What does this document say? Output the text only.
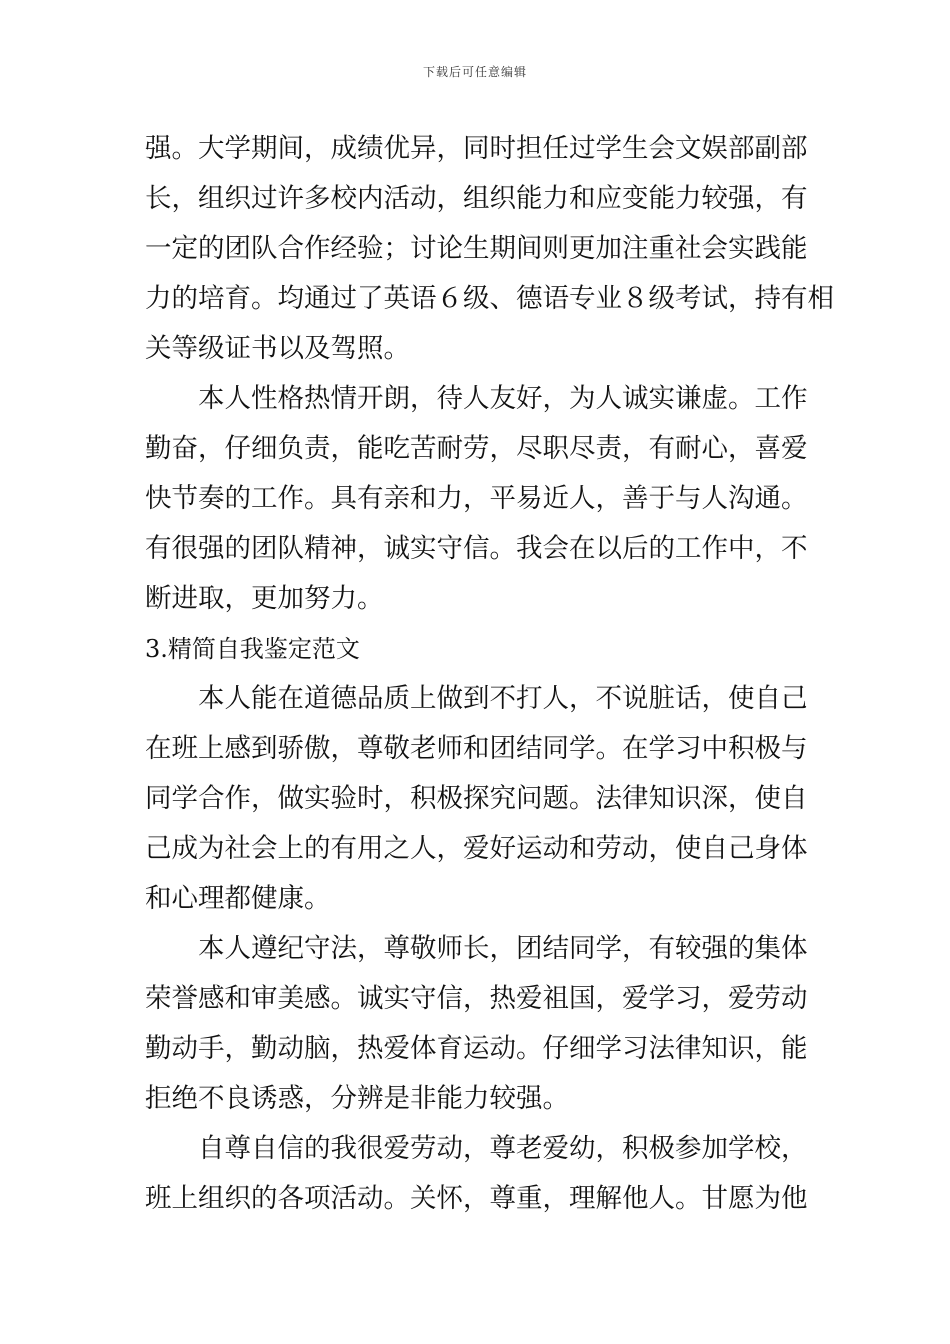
下载后可任意编辑
强。大学期间，成绩优异，同时担任过学生会文娱部副部
长，组织过许多校内活动，组织能力和应变能力较强，有
一定的团队合作经验；讨论生期间则更加注重社会实践能
力的培育。均通过了英语６级、德语专业８级考试，持有相
关等级证书以及驾照。
本人性格热情开朗，待人友好，为人诚实谦虚。工作
勤奋，仔细负责，能吃苦耐劳，尽职尽责，有耐心，喜爱
快节奏的工作。具有亲和力，平易近人，善于与人沟通。
有很强的团队精神，诚实守信。我会在以后的工作中，不
断进取，更加努力。
3.精简自我鉴定范文
本人能在道德品质上做到不打人，不说脏话，使自己
在班上感到骄傲，尊敬老师和团结同学。在学习中积极与
同学合作，做实验时，积极探究问题。法律知识深，使自
己成为社会上的有用之人，爱好运动和劳动，使自己身体
和心理都健康。
本人遵纪守法，尊敬师长，团结同学，有较强的集体
荣誉感和审美感。诚实守信，热爱祖国，爱学习，爱劳动
勤动手，勤动脑，热爱体育运动。仔细学习法律知识，能
拒绝不良诱惑，分辨是非能力较强。
自尊自信的我很爱劳动，尊老爱幼，积极参加学校，
班上组织的各项活动。关怀，尊重，理解他人。甘愿为他
